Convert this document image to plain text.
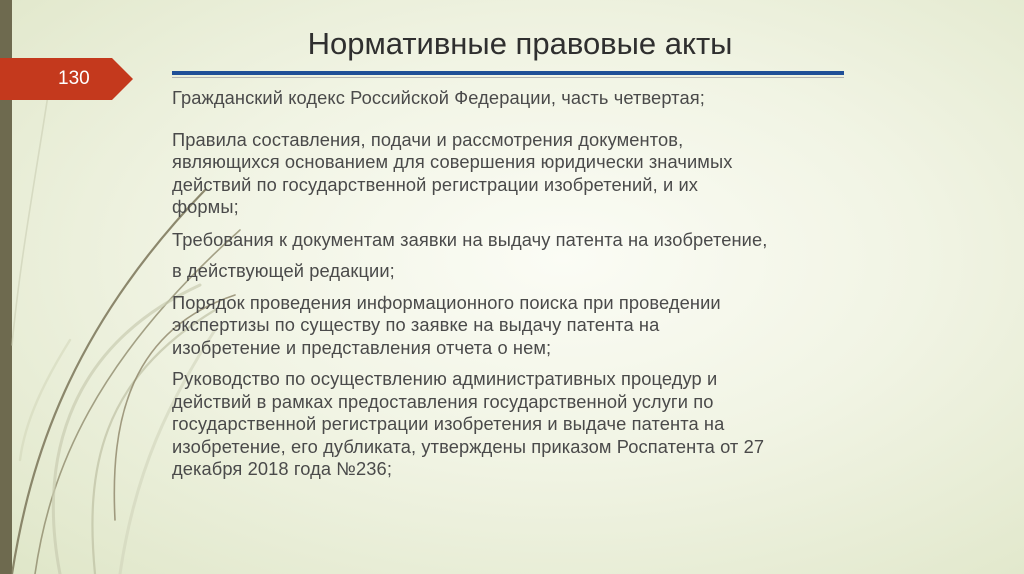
130
Нормативные правовые акты

Гражданский кодекс Российской Федерации, часть четвертая;

Правила составления, подачи и рассмотрения документов,
являющихся основанием для совершения юридически значимых
действий по государственной регистрации изобретений, и их
формы;

Требования к документам заявки на выдачу патента на изобретение,

в действующей редакции;

Порядок проведения информационного поиска при проведении
экспертизы по существу по заявке на выдачу патента на
изобретение и представления отчета о нем;

Руководство по осуществлению административных процедур и
действий в рамках предоставления государственной услуги по
государственной регистрации изобретения и выдаче патента на
изобретение, его дубликата, утверждены приказом Роспатента от 27
декабря 2018 года №236;
